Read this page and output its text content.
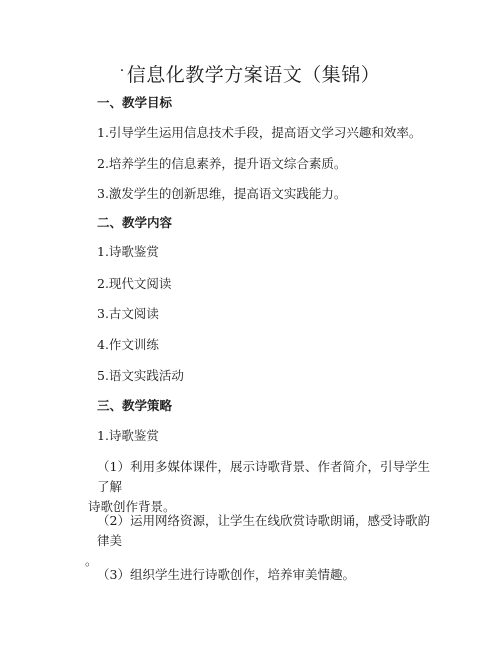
· 信息化教学方案语文（集锦）
一、教学目标
1.引导学生运用信息技术手段，提高语文学习兴趣和效率。
2.培养学生的信息素养，提升语文综合素质。
3.激发学生的创新思维，提高语文实践能力。
二、教学内容
1.诗歌鉴赏
2.现代文阅读
3.古文阅读
4.作文训练
5.语文实践活动
三、教学策略
1.诗歌鉴赏
（1）利用多媒体课件，展示诗歌背景、作者简介，引导学生了解
诗歌创作背景。
（2）运用网络资源，让学生在线欣赏诗歌朗诵，感受诗歌韵律美
。
（3）组织学生进行诗歌创作，培养审美情趣。
